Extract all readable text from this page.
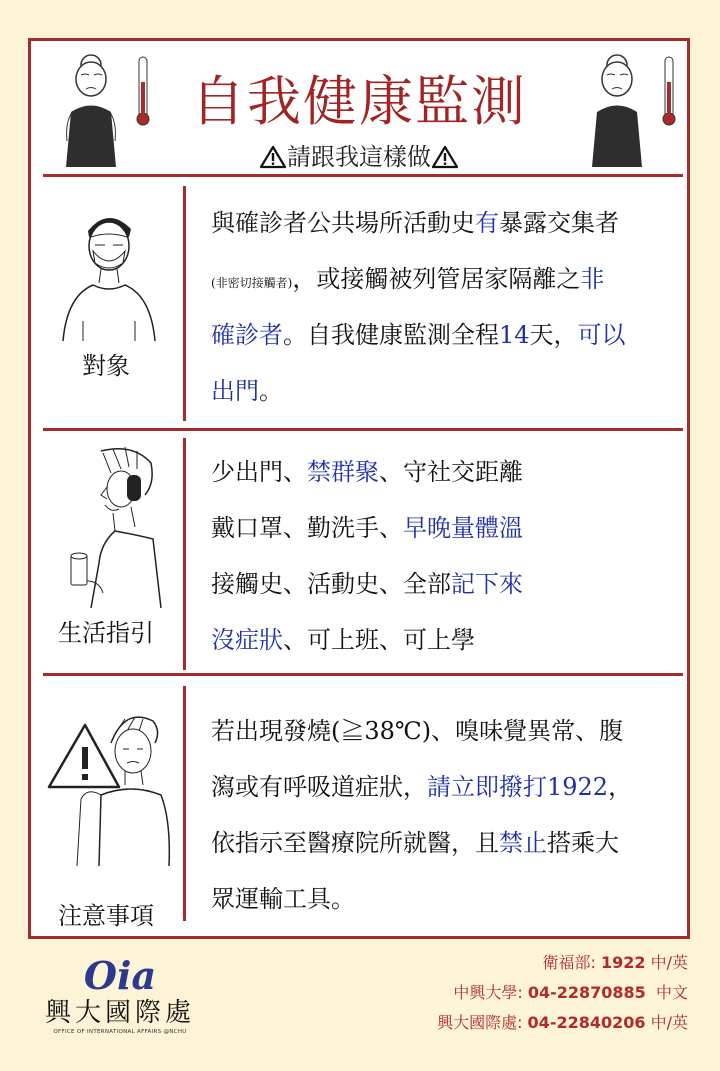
自我健康監測
請跟我這樣做
對象
與確診者公共場所活動史有暴露交集者
(非密切接觸者)，或接觸被列管居家隔離之非
確診者。自我健康監測全程14天，可以
出門。
生活指引
少出門、禁群聚、守社交距離
戴口罩、勤洗手、早晚量體溫
接觸史、活動史、全部記下來
沒症狀、可上班、可上學
注意事項
若出現發燒(≧38℃)、嗅味覺異常、腹
瀉或有呼吸道症狀，請立即撥打1922，
依指示至醫療院所就醫，且禁止搭乘大
眾運輸工具。
Oia
興大國際處
OFFICE OF INTERNATIONAL AFFAIRS @NCHU
衛福部: 1922 中/英
中興大學: 04-22870885  中文
興大國際處: 04-22840206 中/英
